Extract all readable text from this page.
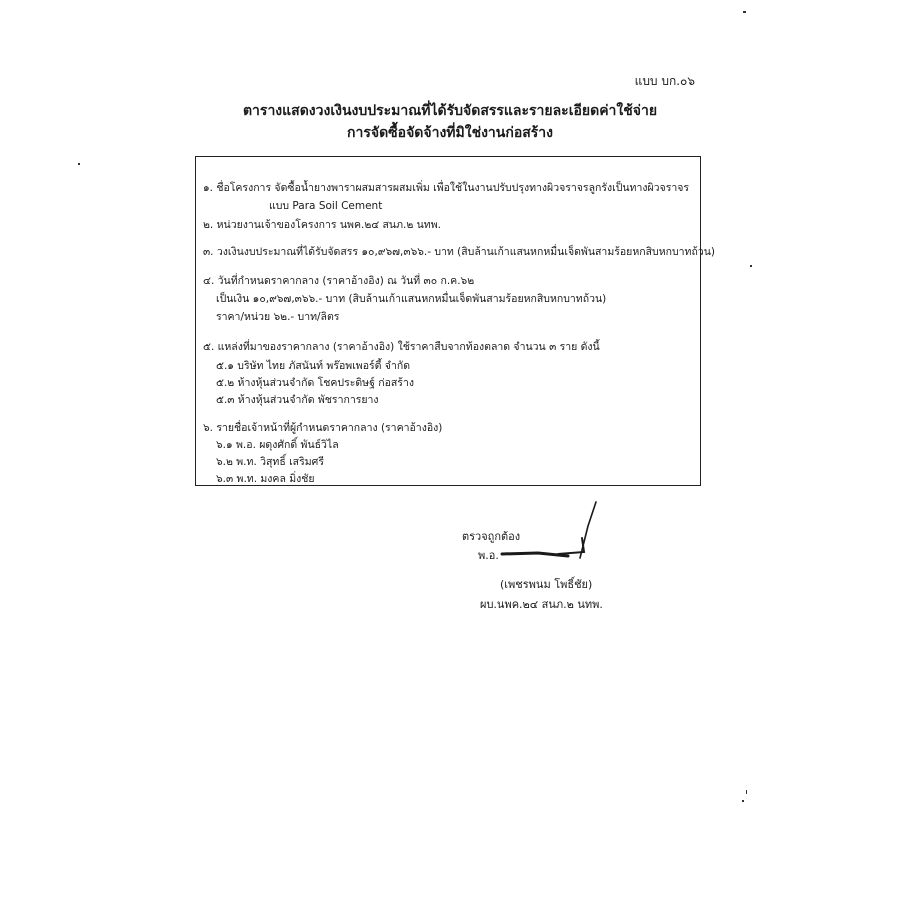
แบบ บก.๐๖
ตารางแสดงวงเงินงบประมาณที่ได้รับจัดสรรและรายละเอียดค่าใช้จ่าย
การจัดซื้อจัดจ้างที่มิใช่งานก่อสร้าง
๑. ชื่อโครงการ จัดซื้อน้ำยางพาราผสมสารผสมเพิ่ม เพื่อใช้ในงานปรับปรุงทางผิวจราจรลูกรังเป็นทางผิวจราจร
แบบ Para Soil Cement
๒. หน่วยงานเจ้าของโครงการ นพค.๒๔ สนภ.๒ นทพ.
๓. วงเงินงบประมาณที่ได้รับจัดสรร ๑๐,๙๖๗,๓๖๖.- บาท (สิบล้านเก้าแสนหกหมื่นเจ็ดพันสามร้อยหกสิบหกบาทถ้วน)
๔. วันที่กำหนดราคากลาง (ราคาอ้างอิง) ณ วันที่ ๓๐ ก.ค.๖๒
เป็นเงิน ๑๐,๙๖๗,๓๖๖.- บาท (สิบล้านเก้าแสนหกหมื่นเจ็ดพันสามร้อยหกสิบหกบาทถ้วน)
ราคา/หน่วย ๖๒.- บาท/ลิตร
๕. แหล่งที่มาของราคากลาง (ราคาอ้างอิง) ใช้ราคาสืบจากท้องตลาด จำนวน ๓ ราย ดังนี้
๕.๑ บริษัท ไทย ภัสนันท์ พร๊อพเพอร์ตี้ จำกัด
๕.๒ ห้างหุ้นส่วนจำกัด โชคประดิษฐ์ ก่อสร้าง
๕.๓ ห้างหุ้นส่วนจำกัด พัชราการยาง
๖. รายชื่อเจ้าหน้าที่ผู้กำหนดราคากลาง (ราคาอ้างอิง)
๖.๑ พ.อ. ผดุงศักดิ์ พันธ์วิไล
๖.๒ พ.ท. วิสุทธิ์ เสริมศรี
๖.๓ พ.ท. มงคล มิ่งชัย
ตรวจถูกต้อง
พ.อ.
(เพชรพนม โพธิ์ชัย)
ผบ.นพค.๒๔ สนภ.๒ นทพ.
